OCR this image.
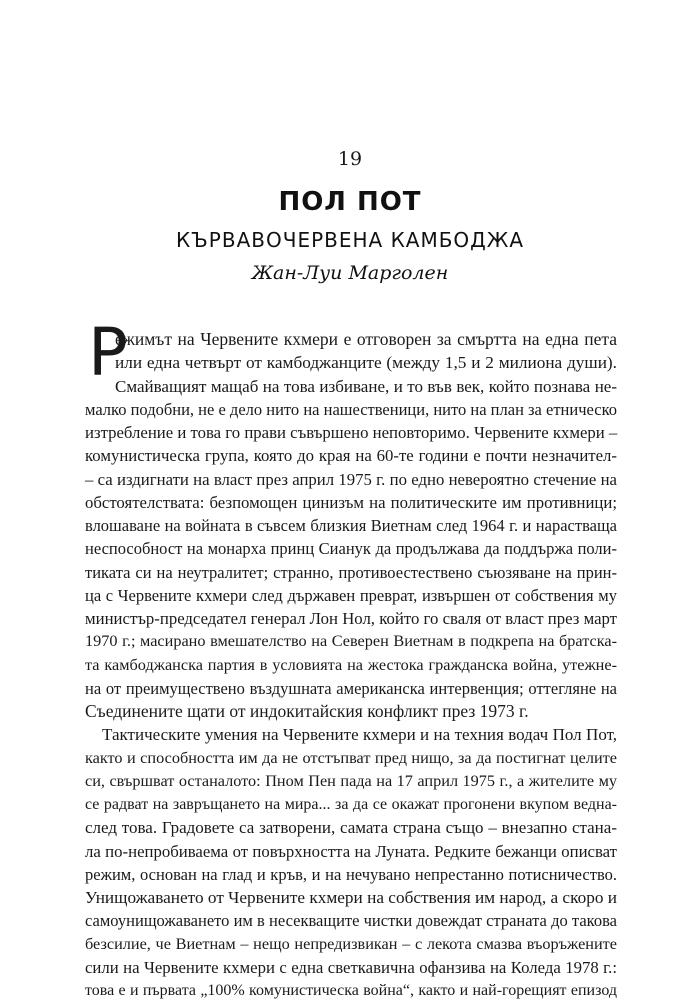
19
ПОЛ ПОТ
КЪРВАВОЧЕРВЕНА КАМБОДЖА
Жан-Луи Марголен
Р
ежимът на Червените кхмери е отговорен за смъртта на една пета
или една четвърт от камбоджанците (между 1,5 и 2 милиона души).
Смайващият мащаб на това избиване, и то във век, който познава не-
малко подобни, не е дело нито на нашественици, нито на план за етническо
изтребление и това го прави съвършено неповторимо. Червените кхмери –
комунистическа група, която до края на 60-те години е почти незначител-
– са издигнати на власт през април 1975 г. по едно невероятно стечение на
обстоятелствата: безпомощен цинизъм на политическите им противници;
влошаване на войната в съвсем близкия Виетнам след 1964 г. и нарастваща
неспособност на монарха принц Сианук да продължава да поддържа поли-
тиката си на неутралитет; странно, противоестествено съюзяване на прин-
ца с Червените кхмери след държавен преврат, извършен от собствения му
министър-председател генерал Лон Нол, който го сваля от власт през март
1970 г.; масирано вмешателство на Северен Виетнам в подкрепа на братска-
та камбоджанска партия в условията на жестока гражданска война, утежне-
на от преимуществено въздушната американска интервенция; оттегляне на
Съединените щати от индокитайския конфликт през 1973 г.
Тактическите умения на Червените кхмери и на техния водач Пол Пот,
както и способността им да не отстъпват пред нищо, за да постигнат целите
си, свършват останалото: Пном Пен пада на 17 април 1975 г., а жителите му
се радват на завръщането на мира... за да се окажат прогонени вкупом ведна-
след това. Градовете са затворени, самата страна също – внезапно стана-
ла по-непробиваема от повърхността на Луната. Редките бежанци описват
режим, основан на глад и кръв, и на нечувано непрестанно потисничество.
Унищожаването от Червените кхмери на собствения им народ, а скоро и
самоунищожаването им в несекващите чистки довеждат страната до такова
безсилие, че Виетнам – нещо непредизвикан – с лекота смазва въоръжените
сили на Червените кхмери с една светкавична офанзива на Коледа 1978 г.:
това е и първата „100% комунистическа война“, както и най-горещият епизод
